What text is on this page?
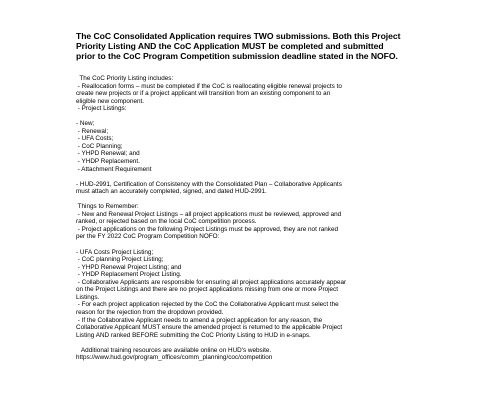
The CoC Consolidated Application requires TWO submissions. Both this Project
Priority Listing AND the CoC Application MUST be completed and submitted
prior to the CoC Program Competition submission deadline stated in the NOFO.
The CoC Priority Listing includes:
- Reallocation forms – must be completed if the CoC is reallocating eligible renewal projects to
create new projects or if a project applicant will transition from an existing component to an
eligible new component.
- Project Listings:
- New;
- Renewal;
- UFA Costs;
- CoC Planning;
- YHPD Renewal; and
- YHDP Replacement.
- Attachment Requirement
- HUD-2991, Certification of Consistency with the Consolidated Plan – Collaborative Applicants
must attach an accurately completed, signed, and dated HUD-2991.
Things to Remember:
- New and Renewal Project Listings – all project applications must be reviewed, approved and
ranked, or rejected based on the local CoC competition process.
- Project applications on the following Project Listings must be approved, they are not ranked
per the FY 2022 CoC Program Competition NOFO:
- UFA Costs Project Listing;
- CoC planning Project Listing;
- YHPD Renewal Project Listing; and
- YHDP Replacement Project Listing.
- Collaborative Applicants are responsible for ensuring all project applications accurately appear
on the Project Listings and there are no project applications missing from one or more Project
Listings.
- For each project application rejected by the CoC the Collaborative Applicant must select the
reason for the rejection from the dropdown provided.
- If the Collaborative Applicant needs to amend a project application for any reason, the
Collaborative Applicant MUST ensure the amended project is returned to the applicable Project
Listing AND ranked BEFORE submitting the CoC Priority Listing to HUD in e-snaps.
Additional training resources are available online on HUD's website.
https://www.hud.gov/program_offices/comm_planning/coc/competition
